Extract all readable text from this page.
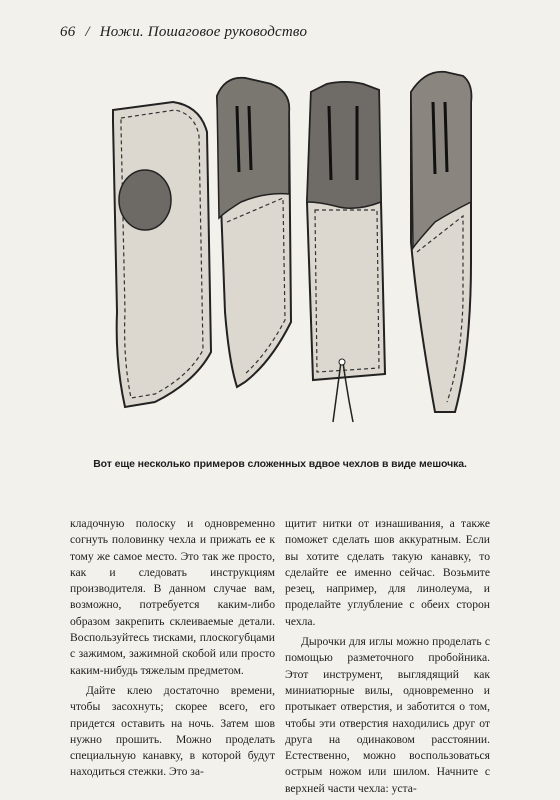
66 / Ножи. Пошаговое руководство
Вот еще несколько примеров сложенных вдвое чехлов в виде мешочка.

кладочную полоску и одновременно согнуть половинку чехла и прижать ее к тому же самое место. Это так же просто, как и следовать инструкциям производителя. В данном случае вам, возможно, потребуется каким-либо образом закрепить склеиваемые детали. Воспользуйтесь тисками, плоскогубцами с зажимом, зажимной скобой или просто каким-нибудь тяжелым предметом.

Дайте клею достаточно времени, чтобы засохнуть; скорее всего, его придется оставить на ночь. Затем шов нужно прошить. Можно проделать специальную канавку, в которой будут находиться стежки. Это за-

щитит нитки от изнашивания, а также поможет сделать шов аккуратным. Если вы хотите сделать такую канавку, то сделайте ее именно сейчас. Возьмите резец, например, для линолеума, и проделайте углубление с обеих сторон чехла.

Дырочки для иглы можно проделать с помощью разметочного пробойника. Этот инструмент, выглядящий как миниатюрные вилы, одновременно и протыкает отверстия, и заботится о том, чтобы эти отверстия находились друг от друга на одинаковом расстоянии. Естественно, можно воспользоваться острым ножом или шилом. Начните с верхней части чехла: уста-
